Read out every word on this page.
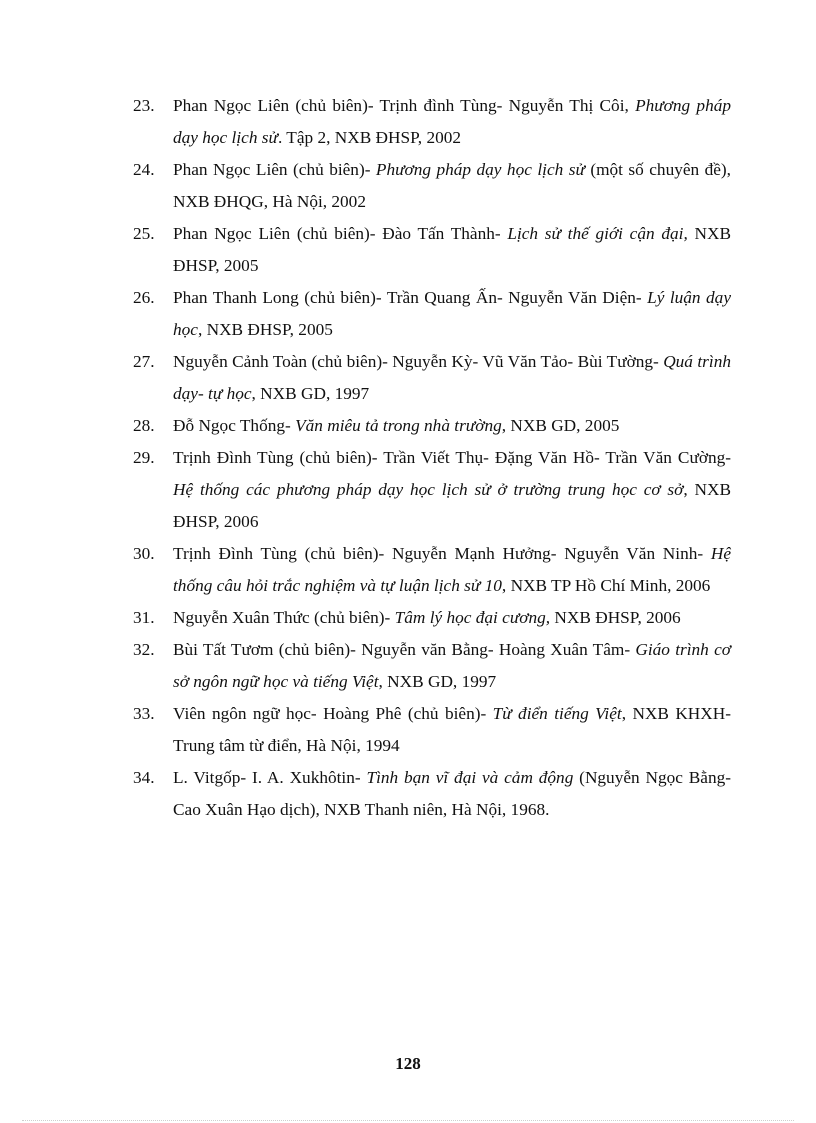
23.	Phan Ngọc Liên (chủ biên)- Trịnh đình Tùng- Nguyễn Thị Côi, Phương pháp dạy học lịch sử. Tập 2, NXB ĐHSP, 2002
24.	Phan Ngọc Liên (chủ biên)- Phương pháp dạy học lịch sử (một số chuyên đề), NXB ĐHQG, Hà Nội, 2002
25.	Phan Ngọc Liên (chủ biên)- Đào Tấn Thành- Lịch sử thế giới cận đại, NXB ĐHSP, 2005
26.	Phan Thanh Long (chủ biên)- Trần Quang Ấn- Nguyễn Văn Diện- Lý luận dạy học, NXB ĐHSP, 2005
27.	Nguyễn Cảnh Toàn (chủ biên)- Nguyễn Kỳ- Vũ Văn Tảo- Bùi Tường- Quá trình dạy- tự học, NXB GD, 1997
28.	Đỗ Ngọc Thống- Văn miêu tả trong nhà trường, NXB GD, 2005
29.	Trịnh Đình Tùng (chủ biên)- Trần Viết Thụ- Đặng Văn Hồ- Trần Văn Cường- Hệ thống các phương pháp dạy học lịch sử ở trường trung học cơ sở, NXB ĐHSP, 2006
30.	Trịnh Đình Tùng (chủ biên)- Nguyễn Mạnh Hưởng- Nguyễn Văn Ninh- Hệ thống câu hỏi trắc nghiệm và tự luận lịch sử 10, NXB TP Hồ Chí Minh, 2006
31.	Nguyễn Xuân Thức (chủ biên)- Tâm lý học đại cương, NXB ĐHSP, 2006
32.	Bùi Tất Tươm (chủ biên)- Nguyễn văn Bằng- Hoàng Xuân Tâm- Giáo trình cơ sở ngôn ngữ học và tiếng Việt, NXB GD, 1997
33.	Viên ngôn ngữ học- Hoàng Phê (chủ biên)- Từ điển tiếng Việt, NXB KHXH- Trung tâm từ điển, Hà Nội, 1994
34.	L. Vitgốp- I. A. Xukhôtin- Tình bạn vĩ đại và cảm động (Nguyễn Ngọc Bằng- Cao Xuân Hạo dịch), NXB Thanh niên, Hà Nội, 1968.
128
